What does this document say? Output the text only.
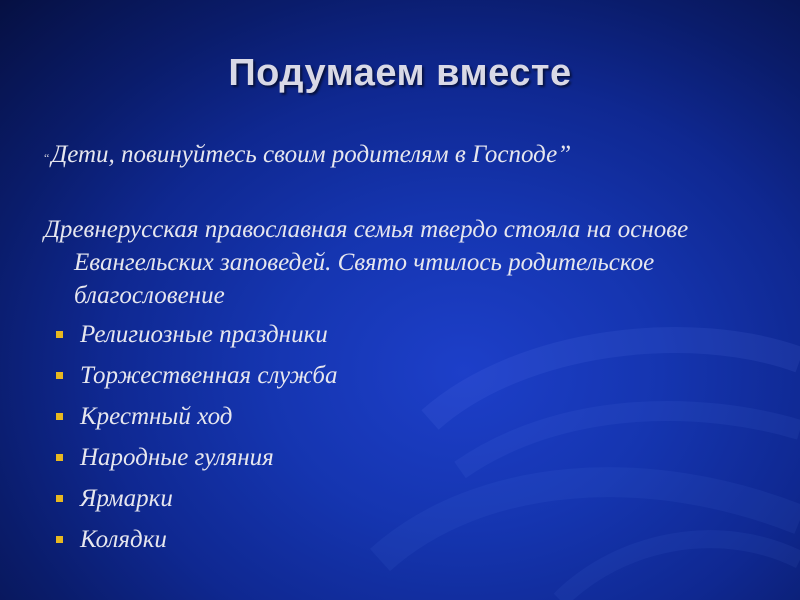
Подумаем вместе
“ Дети, повинуйтесь своим родителям в Господе”
Древнерусская православная семья твердо стояла на основе Евангельских заповедей. Свято чтилось родительское благословение
Религиозные праздники
Торжественная служба
Крестный ход
Народные гуляния
Ярмарки
Колядки
